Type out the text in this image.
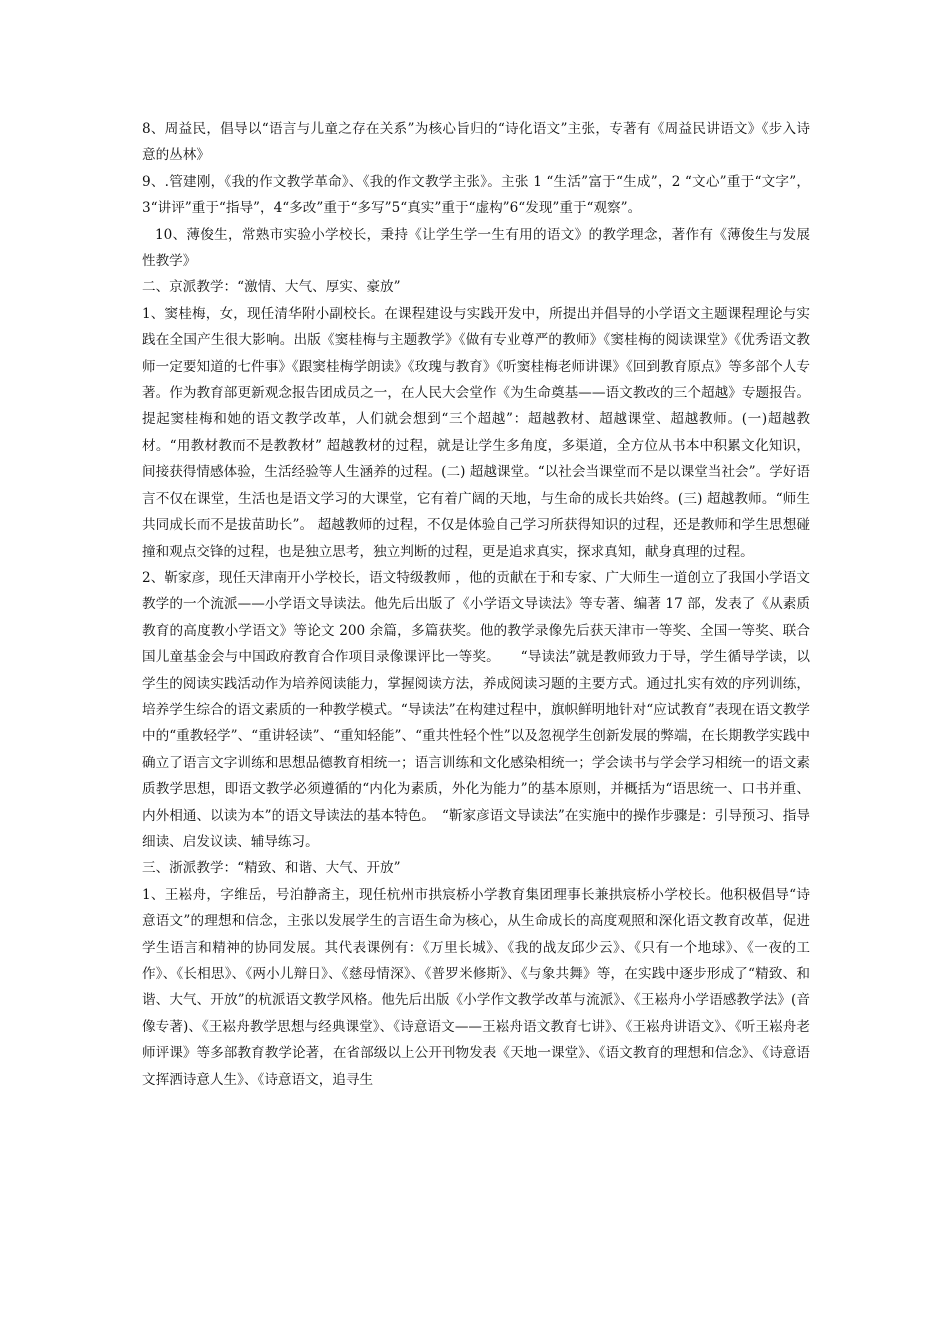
8、周益民，倡导以“语言与儿童之存在关系”为核心旨归的“诗化语文”主张，专著有《周益民讲语文》《步入诗意的丛林》

9、.管建刚，《我的作文教学革命》、《我的作文教学主张》。主张 1 “生活”富于“生成”，2 “文心”重于“文字”，3“讲评”重于“指导”，4“多改”重于“多写”5“真实”重于“虚构”6“发现”重于“观察”。

10、薄俊生，常熟市实验小学校长，秉持《让学生学一生有用的语文》的教学理念，著作有《薄俊生与发展性教学》

二、京派教学：“激情、大气、厚实、豪放”

1、窦桂梅，女，现任清华附小副校长。在课程建设与实践开发中，所提出并倡导的小学语文主题课程理论与实践在全国产生很大影响。出版《窦桂梅与主题教学》《做有专业尊严的教师》《窦桂梅的阅读课堂》《优秀语文教师一定要知道的七件事》《跟窦桂梅学朗读》《玫瑰与教育》《听窦桂梅老师讲课》《回到教育原点》等多部个人专著。作为教育部更新观念报告团成员之一，在人民大会堂作《为生命奠基——语文教改的三个超越》专题报告。提起窦桂梅和她的语文教学改革，人们就会想到“三个超越”：超越教材、超越课堂、超越教师。(一)超越教材。“用教材教而不是教教材” 超越教材的过程，就是让学生多角度，多渠道，全方位从书本中积累文化知识，间接获得情感体验，生活经验等人生涵养的过程。(二) 超越课堂。“以社会当课堂而不是以课堂当社会”。学好语言不仅在课堂，生活也是语文学习的大课堂，它有着广阔的天地，与生命的成长共始终。(三) 超越教师。“师生共同成长而不是拔苗助长”。 超越教师的过程，不仅是体验自己学习所获得知识的过程，还是教师和学生思想碰撞和观点交锋的过程，也是独立思考，独立判断的过程，更是追求真实，探求真知，献身真理的过程。

2、靳家彦，现任天津南开小学校长，语文特级教师 ，他的贡献在于和专家、广大师生一道创立了我国小学语文教学的一个流派——小学语文导读法。他先后出版了《小学语文导读法》等专著、编著 17 部，发表了《从素质教育的高度教小学语文》等论文 200 余篇，多篇获奖。他的教学录像先后获天津市一等奖、全国一等奖、联合国儿童基金会与中国政府教育合作项目录像课评比一等奖。　　“导读法”就是教师致力于导，学生循导学读，以学生的阅读实践活动作为培养阅读能力，掌握阅读方法，养成阅读习题的主要方式。通过扎实有效的序列训练，培养学生综合的语文素质的一种教学模式。“导读法”在构建过程中，旗帜鲜明地针对“应试教育”表现在语文教学中的“重教轻学”、“重讲轻读”、“重知轻能”、“重共性轻个性”以及忽视学生创新发展的弊端，在长期教学实践中确立了语言文字训练和思想品德教育相统一；语言训练和文化感染相统一；学会读书与学会学习相统一的语文素质教学思想，即语文教学必须遵循的“内化为素质，外化为能力”的基本原则，并概括为“语思统一、口书并重、内外相通、以读为本”的语文导读法的基本特色。　“靳家彦语文导读法”在实施中的操作步骤是：引导预习、指导细读、启发议读、辅导练习。

三、浙派教学：“精致、和谐、大气、开放”

1、王崧舟，字维岳，号泊静斋主，现任杭州市拱宸桥小学教育集团理事长兼拱宸桥小学校长。他积极倡导“诗意语文”的理想和信念，主张以发展学生的言语生命为核心，从生命成长的高度观照和深化语文教育改革，促进学生语言和精神的协同发展。其代表课例有：《万里长城》、《我的战友邱少云》、《只有一个地球》、《一夜的工作》、《长相思》、《两小儿辩日》、《慈母情深》、《普罗米修斯》、《与象共舞》等，在实践中逐步形成了“精致、和谐、大气、开放”的杭派语文教学风格。他先后出版《小学作文教学改革与流派》、《王崧舟小学语感教学法》(音像专著)、《王崧舟教学思想与经典课堂》、《诗意语文——王崧舟语文教育七讲》、《王崧舟讲语文》、《听王崧舟老师评课》等多部教育教学论著，在省部级以上公开刊物发表《天地一课堂》、《语文教育的理想和信念》、《诗意语文挥洒诗意人生》、《诗意语文，追寻生
